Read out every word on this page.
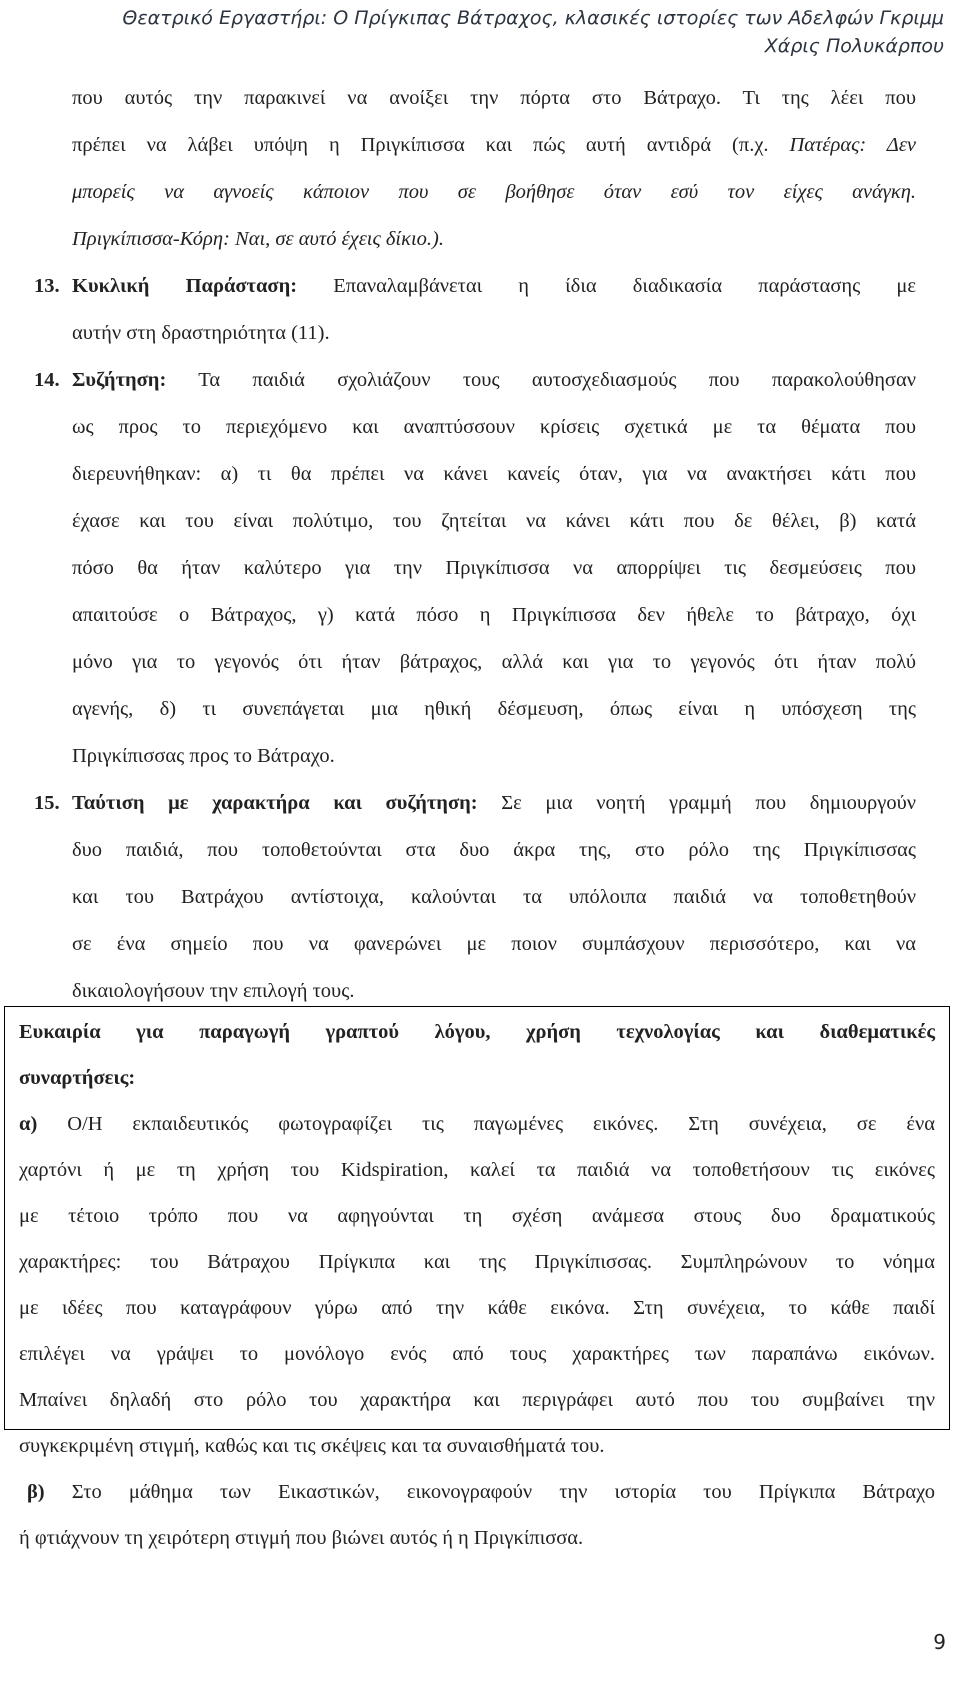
Θεατρικό Εργαστήρι: Ο Πρίγκιπας Βάτραχος, κλασικές ιστορίες των Αδελφών Γκριμμ
Χάρις Πολυκάρπου
που αυτός την παρακινεί να ανοίξει την πόρτα στο Βάτραχο. Τι της λέει που
πρέπει να λάβει υπόψη η Πριγκίπισσα και πώς αυτή αντιδρά (π.χ. Πατέρας: Δεν
μπορείς να αγνοείς κάποιον που σε βοήθησε όταν εσύ τον είχες ανάγκη.
Πριγκίπισσα-Κόρη: Ναι, σε αυτό έχεις δίκιο.).
13. Κυκλική Παράσταση: Επαναλαμβάνεται η ίδια διαδικασία παράστασης με
αυτήν στη δραστηριότητα (11).
14. Συζήτηση: Τα παιδιά σχολιάζουν τους αυτοσχεδιασμούς που παρακολούθησαν
ως προς το περιεχόμενο και αναπτύσσουν κρίσεις σχετικά με τα θέματα που
διερευνήθηκαν: α) τι θα πρέπει να κάνει κανείς όταν, για να ανακτήσει κάτι που
έχασε και του είναι πολύτιμο, του ζητείται να κάνει κάτι που δε θέλει, β) κατά
πόσο θα ήταν καλύτερο για την Πριγκίπισσα να απορρίψει τις δεσμεύσεις που
απαιτούσε ο Βάτραχος, γ) κατά πόσο η Πριγκίπισσα δεν ήθελε το βάτραχο, όχι
μόνο για το γεγονός ότι ήταν βάτραχος, αλλά και για το γεγονός ότι ήταν πολύ
αγενής, δ) τι συνεπάγεται μια ηθική δέσμευση, όπως είναι η υπόσχεση της
Πριγκίπισσας προς το Βάτραχο.
15. Ταύτιση με χαρακτήρα και συζήτηση: Σε μια νοητή γραμμή που δημιουργούν
δυο παιδιά, που τοποθετούνται στα δυο άκρα της, στο ρόλο της Πριγκίπισσας
και του Βατράχου αντίστοιχα, καλούνται τα υπόλοιπα παιδιά να τοποθετηθούν
σε ένα σημείο που να φανερώνει με ποιον συμπάσχουν περισσότερο, και να
δικαιολογήσουν την επιλογή τους.
Ευκαιρία για παραγωγή γραπτού λόγου, χρήση τεχνολογίας και διαθεματικές
συναρτήσεις:
α) Ο/Η εκπαιδευτικός φωτογραφίζει τις παγωμένες εικόνες. Στη συνέχεια, σε ένα
χαρτόνι ή με τη χρήση του Kidspiration, καλεί τα παιδιά να τοποθετήσουν τις εικόνες
με τέτοιο τρόπο που να αφηγούνται τη σχέση ανάμεσα στους δυο δραματικούς
χαρακτήρες: του Βάτραχου Πρίγκιπα και της Πριγκίπισσας. Συμπληρώνουν το νόημα
με ιδέες που καταγράφουν γύρω από την κάθε εικόνα. Στη συνέχεια, το κάθε παιδί
επιλέγει να γράψει το μονόλογο ενός από τους χαρακτήρες των παραπάνω εικόνων.
Μπαίνει δηλαδή στο ρόλο του χαρακτήρα και περιγράφει αυτό που του συμβαίνει την
συγκεκριμένη στιγμή, καθώς και τις σκέψεις και τα συναισθήματά του.
β) Στο μάθημα των Εικαστικών, εικονογραφούν την ιστορία του Πρίγκιπα Βάτραχο
ή φτιάχνουν τη χειρότερη στιγμή που βιώνει αυτός ή η Πριγκίπισσα.
9
